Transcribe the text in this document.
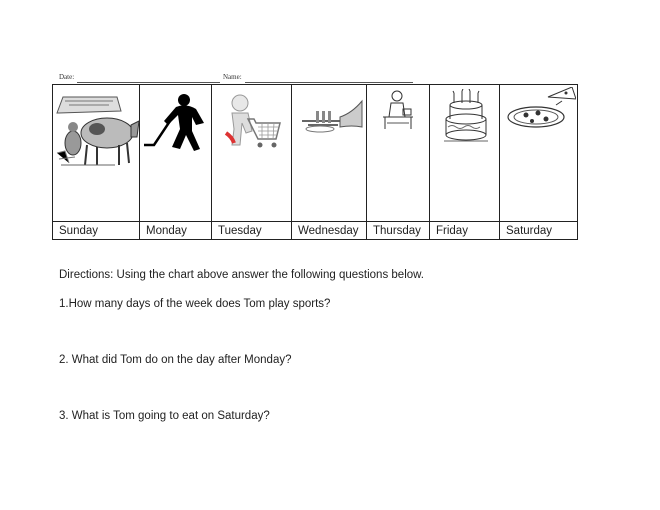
Date:	Name:
Sunday	Monday	Tuesday	Wednesday	Thursday	Friday	Saturday
Directions: Using the chart above answer the following questions below.
1.How many days of the week does Tom play sports?
2. What did Tom do on the day after Monday?
3. What is Tom going to eat on Saturday?
